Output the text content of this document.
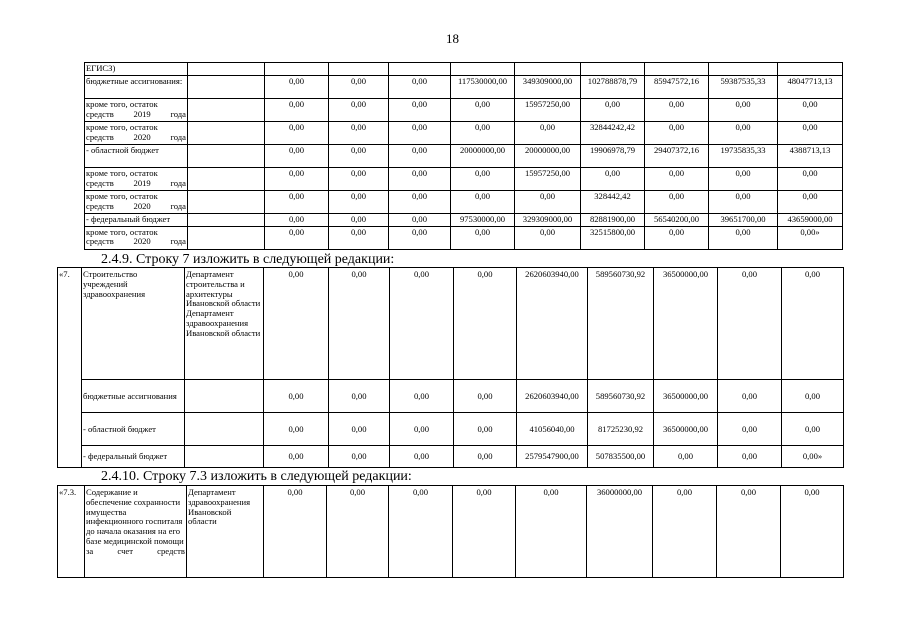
18
ЕГИСЗ)										
бюджетные ассигнования:		0,00	0,00	0,00	117530000,00	349309000,00	102788878,79	85947572,16	59387535,33	48047713,13
кроме того, остаток средств 2019 года		0,00	0,00	0,00	0,00	15957250,00	0,00	0,00	0,00	0,00
кроме того, остаток средств 2020 года		0,00	0,00	0,00	0,00	0,00	32844242,42	0,00	0,00	0,00
- областной бюджет		0,00	0,00	0,00	20000000,00	20000000,00	19906978,79	29407372,16	19735835,33	4388713,13
кроме того, остаток средств 2019 года		0,00	0,00	0,00	0,00	15957250,00	0,00	0,00	0,00	0,00
кроме того, остаток средств 2020 года		0,00	0,00	0,00	0,00	0,00	328442,42	0,00	0,00	0,00
- федеральный бюджет		0,00	0,00	0,00	97530000,00	329309000,00	82881900,00	56540200,00	39651700,00	43659000,00
кроме того, остаток средств 2020 года		0,00	0,00	0,00	0,00	0,00	32515800,00	0,00	0,00	0,00»
2.4.9. Строку 7 изложить в следующей редакции:
«7.	Строительство учреждений здравоохранения	Департамент строительства и архитектуры Ивановской области
Департамент здравоохранения Ивановской области	0,00	0,00	0,00	0,00	2620603940,00	589560730,92	36500000,00	0,00	0,00
	бюджетные ассигнования		0,00	0,00	0,00	0,00	2620603940,00	589560730,92	36500000,00	0,00	0,00
	- областной бюджет		0,00	0,00	0,00	0,00	41056040,00	81725230,92	36500000,00	0,00	0,00
	- федеральный бюджет		0,00	0,00	0,00	0,00	2579547900,00	507835500,00	0,00	0,00	0,00»
2.4.10. Строку 7.3 изложить в следующей редакции:
«7.3.	Содержание и обеспечение сохранности имущества инфекционного госпиталя до начала оказания на его базе медицинской помощи за счет средств	Департамент здравоохранения Ивановской области	0,00	0,00	0,00	0,00	0,00	36000000,00	0,00	0,00	0,00
